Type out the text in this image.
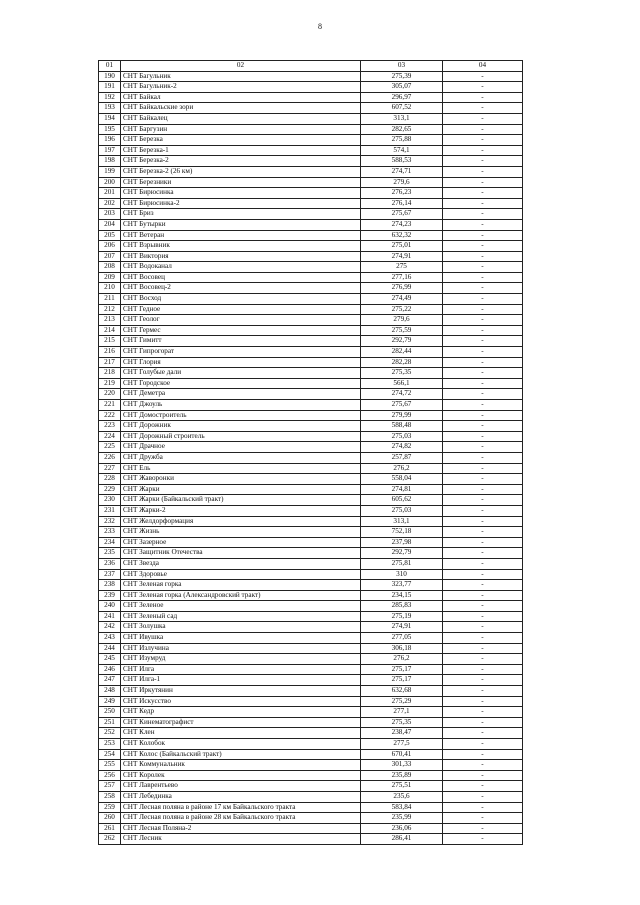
8
01	02	03	04
190	СНТ Багульник	275,39	-
191	СНТ Багульник-2	305,07	-
192	СНТ Байкал	296,97	-
193	СНТ Байкальские зори	607,52	-
194	СНТ Байкалец	313,1	-
195	СНТ Баргузин	282,65	-
196	СНТ Березка	275,88	-
197	СНТ Березка-1	574,1	-
198	СНТ Березка-2	588,53	-
199	СНТ Березка-2 (26 км)	274,71	-
200	СНТ Березники	279,6	-
201	СНТ Бирюсинка	276,23	-
202	СНТ Бирюсинка-2	276,14	-
203	СНТ Бриз	275,67	-
204	СНТ Бутырки	274,23	-
205	СНТ Ветеран	632,32	-
206	СНТ Взрывник	275,01	-
207	СНТ Виктория	274,91	-
208	СНТ Водоканал	275	-
209	СНТ Восовец	277,16	-
210	СНТ Восовец-2	276,99	-
211	СНТ Восход	274,49	-
212	СНТ Гедное	275,22	-
213	СНТ Геолог	279,6	-
214	СНТ Гермес	275,59	-
215	СНТ Гимитт	292,79	-
216	СНТ Гипрогорат	282,44	-
217	СНТ Глория	282,28	-
218	СНТ Голубые дали	275,35	-
219	СНТ Городское	566,1	-
220	СНТ Деметра	274,72	-
221	СНТ Джоуль	275,67	-
222	СНТ Домостроитель	279,99	-
223	СНТ Дорожник	588,48	-
224	СНТ Дорожный строитель	275,03	-
225	СНТ Драчное	274,82	-
226	СНТ Дружба	257,87	-
227	СНТ Ель	276,2	-
228	СНТ Жаворонки	558,04	-
229	СНТ Жарки	274,81	-
230	СНТ Жарки (Байкальский тракт)	605,62	-
231	СНТ Жарки-2	275,03	-
232	СНТ Желдорформация	313,1	-
233	СНТ Жизнь	752,18	-
234	СНТ Зазерное	237,98	-
235	СНТ Защитник Отечества	292,79	-
236	СНТ Звезда	275,81	-
237	СНТ Здоровье	310	-
238	СНТ Зеленая горка	323,77	-
239	СНТ Зеленая горка (Александровский тракт)	234,15	-
240	СНТ Зеленое	285,83	-
241	СНТ Зеленый сад	275,19	-
242	СНТ Золушка	274,91	-
243	СНТ Ивушка	277,05	-
244	СНТ Излучина	306,18	-
245	СНТ Изумруд	276,2	-
246	СНТ Илга	275,17	-
247	СНТ Илга-1	275,17	-
248	СНТ Иркутянин	632,68	-
249	СНТ Искусство	275,29	-
250	СНТ Кедр	277,1	-
251	СНТ Кинематографист	275,35	-
252	СНТ Клен	238,47	-
253	СНТ Колобок	277,5	-
254	СНТ Колос (Байкальский тракт)	670,41	-
255	СНТ Коммунальник	301,33	-
256	СНТ Королек	235,89	-
257	СНТ Лаврентьево	275,51	-
258	СНТ Лебединка	235,6	-
259	СНТ Лесная поляна в районе 17 км Байкальского тракта	583,84	-
260	СНТ Лесная поляна в районе 28 км Байкальского тракта	235,99	-
261	СНТ Лесная Поляна-2	236,06	-
262	СНТ Лесник	286,41	-
